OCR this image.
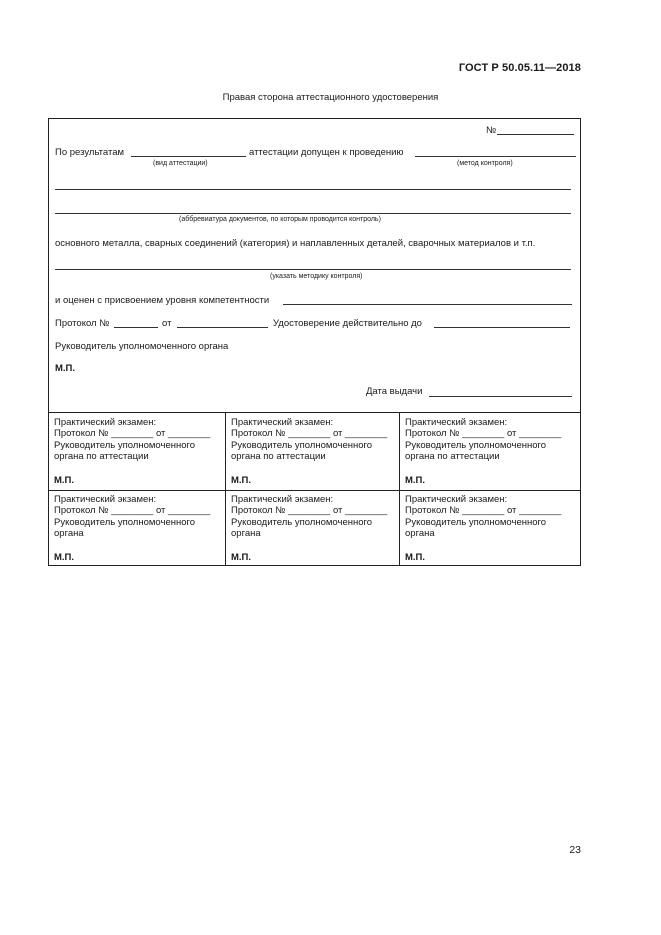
ГОСТ Р 50.05.11—2018
Правая сторона аттестационного удостоверения
№
По результатам	аттестации допущен к проведению
(вид аттестации)	(метод контроля)
(аббревиатура документов, по которым проводится контроль)
основного металла, сварных соединений (категория) и наплавленных деталей, сварочных материалов и т.п.
(указать методику контроля)
и оценен с присвоением уровня компетентности
Протокол №	от	Удостоверение действительно до
Руководитель уполномоченного органа
М.П.
Дата выдачи
Практический экзамен:
Протокол № ________ от ________
Руководитель уполномоченного
органа по аттестации
М.П.
Практический экзамен:
Протокол № ________ от ________
Руководитель уполномоченного
органа по аттестации
М.П.
Практический экзамен:
Протокол № ________ от ________
Руководитель уполномоченного
органа по аттестации
М.П.
Практический экзамен:
Протокол № ________ от ________
Руководитель уполномоченного
органа
М.П.
Практический экзамен:
Протокол № ________ от ________
Руководитель уполномоченного
органа
М.П.
Практический экзамен:
Протокол № ________ от ________
Руководитель уполномоченного
органа
М.П.
23
